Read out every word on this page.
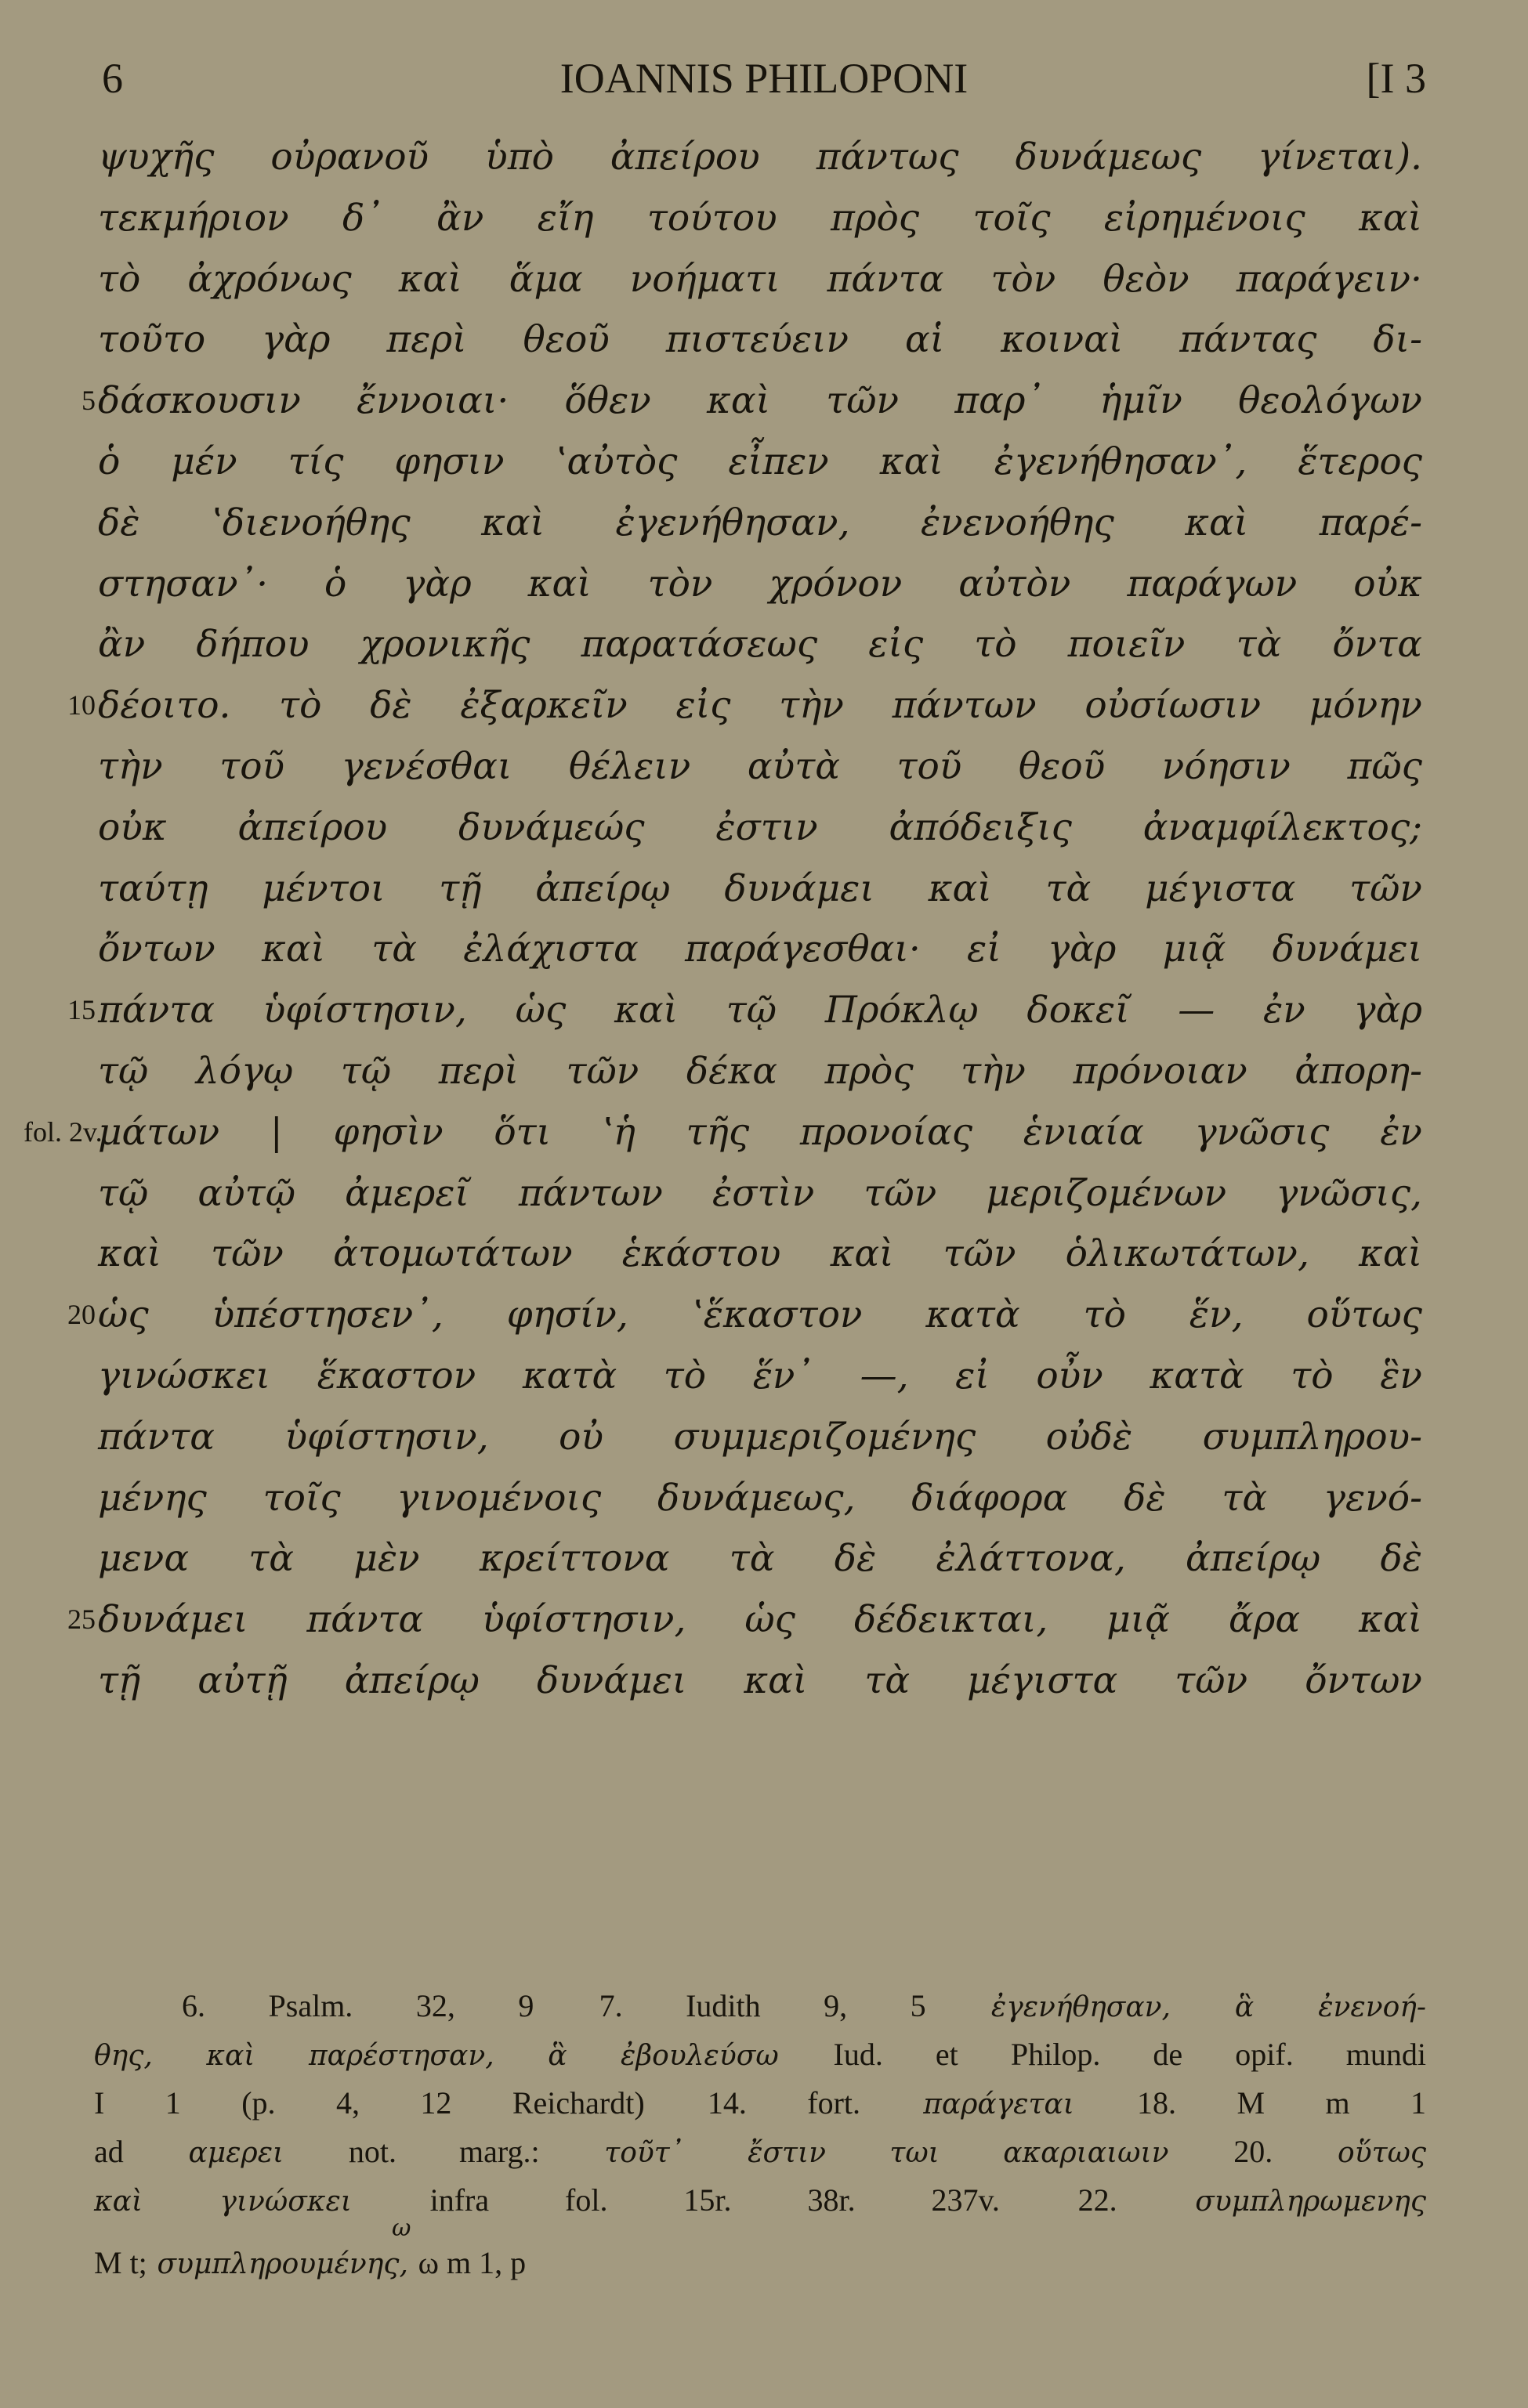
6	IOANNIS PHILOPONI	[I 3
ψυχῆς οὐρανοῦ ὑπὸ ἀπείρου πάντως δυνάμεως γίνεται).
τεκμήριον δ᾽ ἂν εἴη τούτου πρὸς τοῖς εἰρημένοις καὶ
τὸ ἀχρόνως καὶ ἅμα νοήματι πάντα τὸν θεὸν παράγειν·
τοῦτο γὰρ περὶ θεοῦ πιστεύειν αἱ κοιναὶ πάντας δι-
5 δάσκουσιν ἔννοιαι· ὅθεν καὶ τῶν παρ᾽ ἡμῖν θεολόγων
ὁ μέν τίς φησιν ʽαὐτὸς εἶπεν καὶ ἐγενήθησαν᾽, ἕτερος
δὲ ʽδιενοήθης καὶ ἐγενήθησαν, ἐνενοήθης καὶ παρέ-
στησαν᾽· ὁ γὰρ καὶ τὸν χρόνον αὐτὸν παράγων οὐκ
ἂν δήπου χρονικῆς παρατάσεως εἰς τὸ ποιεῖν τὰ ὄντα
10 δέοιτο. τὸ δὲ ἐξαρκεῖν εἰς τὴν πάντων οὐσίωσιν μόνην
τὴν τοῦ γενέσθαι θέλειν αὐτὰ τοῦ θεοῦ νόησιν πῶς
οὐκ ἀπείρου δυνάμεώς ἐστιν ἀπόδειξις ἀναμφίλεκτος;
ταύτῃ μέντοι τῇ ἀπείρῳ δυνάμει καὶ τὰ μέγιστα τῶν
ὄντων καὶ τὰ ἐλάχιστα παράγεσθαι· εἰ γὰρ μιᾷ δυνάμει
15 πάντα ὑφίστησιν, ὡς καὶ τῷ Πρόκλῳ δοκεῖ — ἐν γὰρ
τῷ λόγῳ τῷ περὶ τῶν δέκα πρὸς τὴν πρόνοιαν ἀπορη-
fol. 2v.
μάτων | φησὶν ὅτι ʽἡ τῆς προνοίας ἑνιαία γνῶσις ἐν
τῷ αὐτῷ ἀμερεῖ πάντων ἐστὶν τῶν μεριζομένων γνῶσις,
καὶ τῶν ἀτομωτάτων ἑκάστου καὶ τῶν ὁλικωτάτων, καὶ
20 ὡς ὑπέστησεν᾽, φησίν, ʽἕκαστον κατὰ τὸ ἕν, οὕτως
γινώσκει ἕκαστον κατὰ τὸ ἕν᾽ —, εἰ οὖν κατὰ τὸ ἓν
πάντα ὑφίστησιν, οὐ συμμεριζομένης οὐδὲ συμπληρου-
μένης τοῖς γινομένοις δυνάμεως, διάφορα δὲ τὰ γενό-
μενα τὰ μὲν κρείττονα τὰ δὲ ἐλάττονα, ἀπείρῳ δὲ
25 δυνάμει πάντα ὑφίστησιν, ὡς δέδεικται, μιᾷ ἄρα καὶ
τῇ αὐτῇ ἀπείρῳ δυνάμει καὶ τὰ μέγιστα τῶν ὄντων
6. Psalm. 32, 9 7. Iudith 9, 5 ἐγενήθησαν, ἃ ἐνενοή-
θης, καὶ παρέστησαν, ἃ ἐβουλεύσω Iud. et Philop. de opif. mundi
I 1 (p. 4, 12 Reichardt) 14. fort. παράγεται 18. M m 1
ad αμερει not. marg.: τοῦτ᾽ ἔστιν τωι ακαριαιωιν 20. οὕτως
καὶ γινώσκει infra fol. 15r. 38r. 237v. 22.	συμπληρωμενης
ω
M t; συμπληρουμένης, ω m 1, p
